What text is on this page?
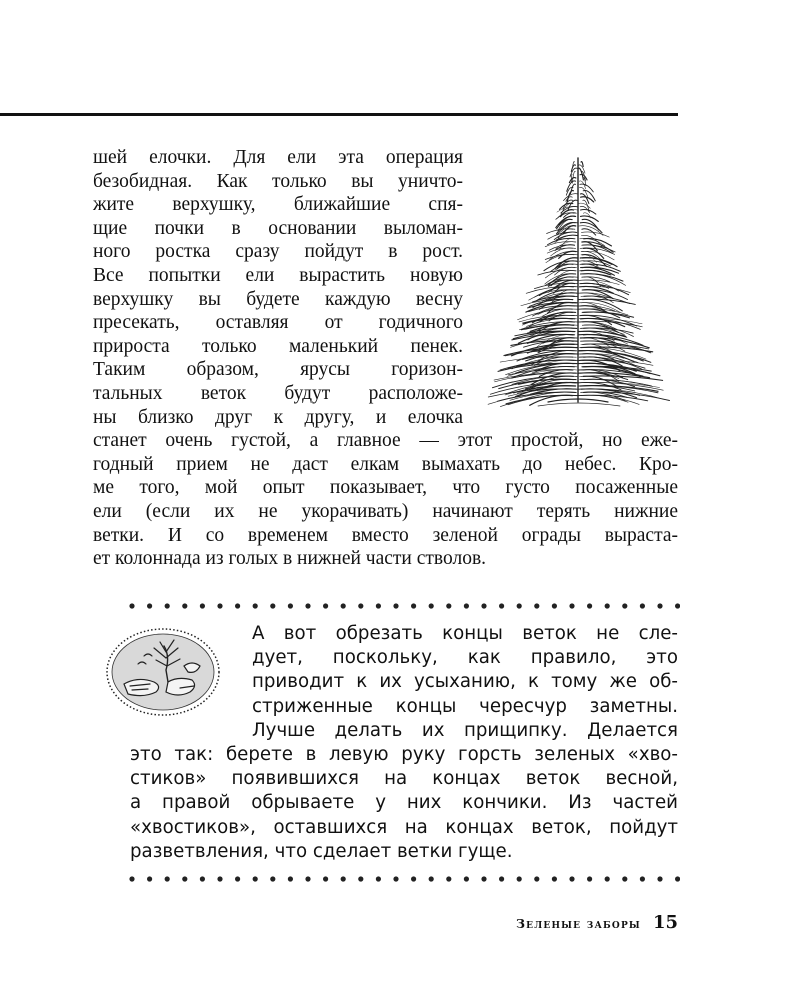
шей елочки. Для ели эта операция
безобидная. Как только вы уничто-
жите верхушку, ближайшие спя-
щие почки в основании выломан-
ного ростка сразу пойдут в рост.
Все попытки ели вырастить новую
верхушку вы будете каждую весну
пресекать, оставляя от годичного
прироста только маленький пенек.
Таким образом, ярусы горизон-
тальных веток будут расположе-
ны близко друг к другу, и елочка
станет очень густой, а главное — этот простой, но еже-
годный прием не даст елкам вымахать до небес. Кро-
ме того, мой опыт показывает, что густо посаженные
ели (если их не укорачивать) начинают терять нижние
ветки. И со временем вместо зеленой ограды выраста-
ет колоннада из голых в нижней части стволов.
А вот обрезать концы веток не сле-
дует, поскольку, как правило, это
приводит к их усыханию, к тому же об-
стриженные концы чересчур заметны.
Лучше делать их прищипку. Делается
это так: берете в левую руку горсть зеленых «хво-
стиков» появившихся на концах веток весной,
а правой обрываете у них кончики. Из частей
«хвостиков», оставшихся на концах веток, пойдут
разветвления, что сделает ветки гуще.
Зеленые заборы 15
